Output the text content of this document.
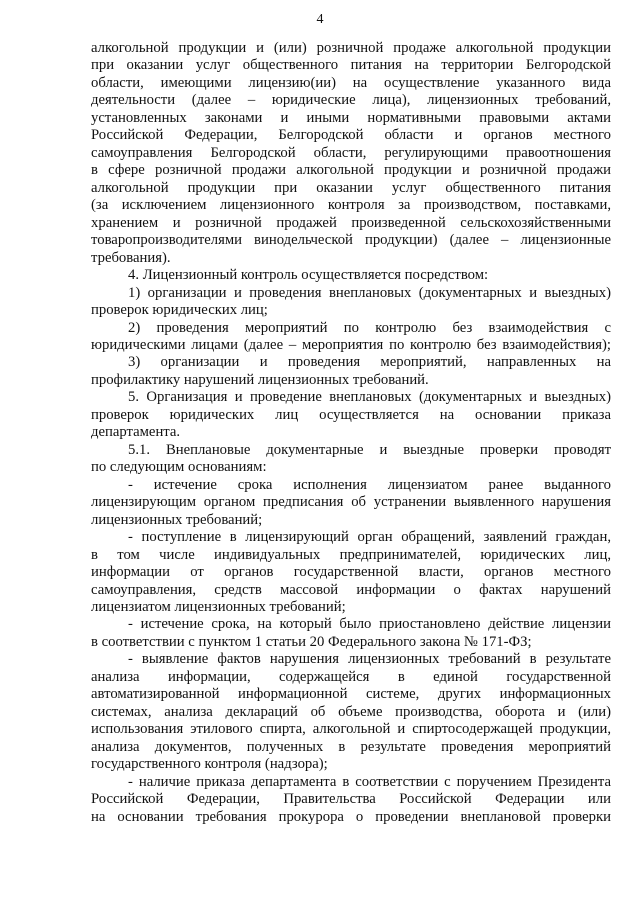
4
алкогольной продукции и (или) розничной продаже алкогольной продукции
при оказании услуг общественного питания на территории Белгородской
области, имеющими лицензию(ии) на осуществление указанного вида
деятельности (далее – юридические лица), лицензионных требований,
установленных законами и иными нормативными правовыми актами
Российской Федерации, Белгородской области и органов местного
самоуправления Белгородской области, регулирующими правоотношения
в сфере розничной продажи алкогольной продукции и розничной продажи
алкогольной продукции при оказании услуг общественного питания
(за исключением лицензионного контроля за производством, поставками,
хранением и розничной продажей произведенной сельскохозяйственными
товаропроизводителями винодельческой продукции) (далее – лицензионные
требования).
4. Лицензионный контроль осуществляется посредством:
1) организации и проведения внеплановых (документарных и выездных)
проверок юридических лиц;
2) проведения мероприятий по контролю без взаимодействия с
юридическими лицами (далее – мероприятия по контролю без взаимодействия);
3) организации и проведения мероприятий, направленных на
профилактику нарушений лицензионных требований.
5. Организация и проведение внеплановых (документарных и выездных)
проверок юридических лиц осуществляется на основании приказа
департамента.
5.1. Внеплановые документарные и выездные проверки проводят
по следующим основаниям:
- истечение срока исполнения лицензиатом ранее выданного
лицензирующим органом предписания об устранении выявленного нарушения
лицензионных требований;
- поступление в лицензирующий орган обращений, заявлений граждан,
в том числе индивидуальных предпринимателей, юридических лиц,
информации от органов государственной власти, органов местного
самоуправления, средств массовой информации о фактах нарушений
лицензиатом лицензионных требований;
- истечение срока, на который было приостановлено действие лицензии
в соответствии с пунктом 1 статьи 20 Федерального закона № 171-ФЗ;
- выявление фактов нарушения лицензионных требований в результате
анализа информации, содержащейся в единой государственной
автоматизированной информационной системе, других информационных
системах, анализа деклараций об объеме производства, оборота и (или)
использования этилового спирта, алкогольной и спиртосодержащей продукции,
анализа документов, полученных в результате проведения мероприятий
государственного контроля (надзора);
- наличие приказа департамента в соответствии с поручением Президента
Российской Федерации, Правительства Российской Федерации или
на основании требования прокурора о проведении внеплановой проверки
